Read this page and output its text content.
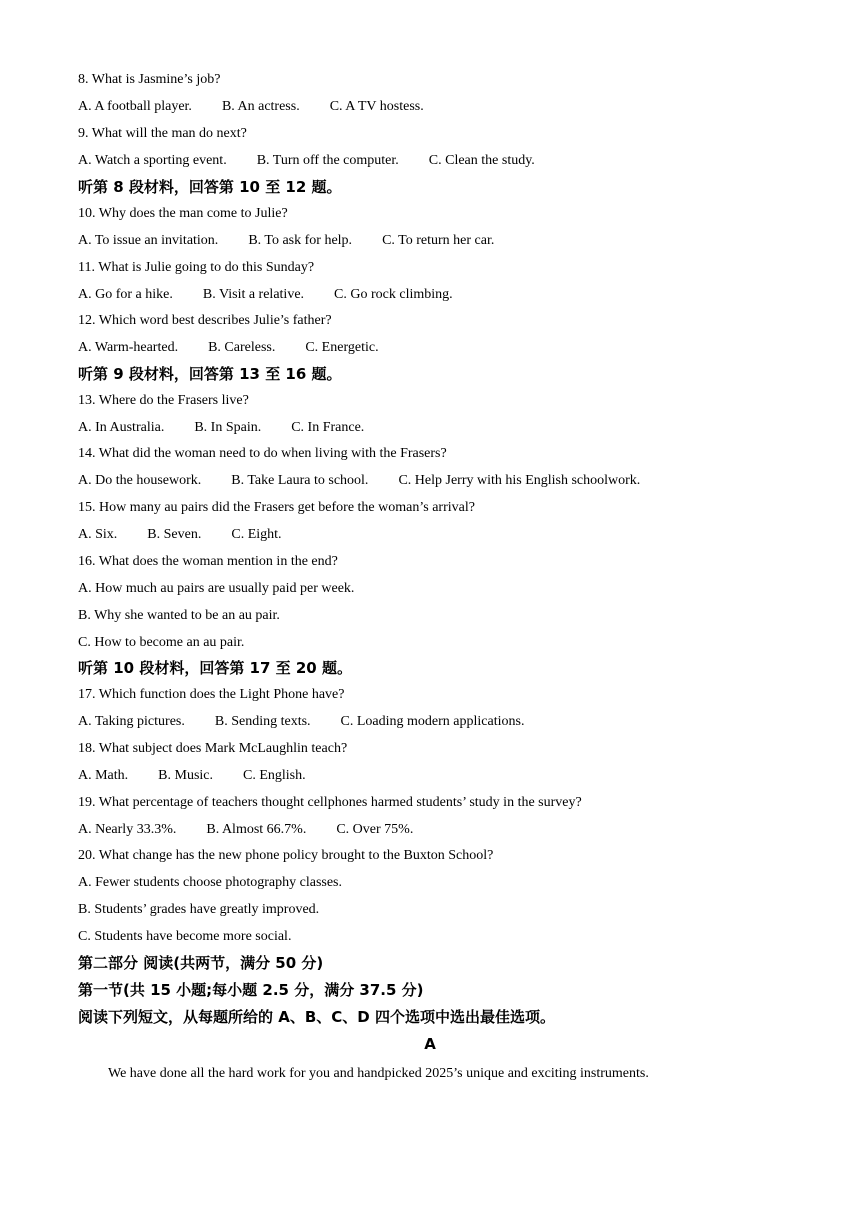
8. What is Jasmine’s job?
A. A football player. B. An actress. C. A TV hostess.
9. What will the man do next?
A. Watch a sporting event. B. Turn off the computer. C. Clean the study.
听第 8 段材料，回答第 10 至 12 题。
10. Why does the man come to Julie?
A. To issue an invitation. B. To ask for help. C. To return her car.
11. What is Julie going to do this Sunday?
A. Go for a hike. B. Visit a relative. C. Go rock climbing.
12. Which word best describes Julie’s father?
A. Warm-hearted. B. Careless. C. Energetic.
听第 9 段材料，回答第 13 至 16 题。
13. Where do the Frasers live?
A. In Australia. B. In Spain. C. In France.
14. What did the woman need to do when living with the Frasers?
A. Do the housework. B. Take Laura to school. C. Help Jerry with his English schoolwork.
15. How many au pairs did the Frasers get before the woman’s arrival?
A. Six. B. Seven. C. Eight.
16. What does the woman mention in the end?
A. How much au pairs are usually paid per week.
B. Why she wanted to be an au pair.
C. How to become an au pair.
听第 10 段材料，回答第 17 至 20 题。
17. Which function does the Light Phone have?
A. Taking pictures. B. Sending texts. C. Loading modern applications.
18. What subject does Mark McLaughlin teach?
A. Math. B. Music. C. English.
19. What percentage of teachers thought cellphones harmed students’ study in the survey?
A. Nearly 33.3%. B. Almost 66.7%. C. Over 75%.
20. What change has the new phone policy brought to the Buxton School?
A. Fewer students choose photography classes.
B. Students’ grades have greatly improved.
C. Students have become more social.
第二部分 阅读(共两节，满分 50 分)
第一节(共 15 小题;每小题 2.5 分，满分 37.5 分)
阅读下列短文，从每题所给的 A、B、C、D 四个选项中选出最佳选项。
A
We have done all the hard work for you and handpicked 2025’s unique and exciting instruments.
